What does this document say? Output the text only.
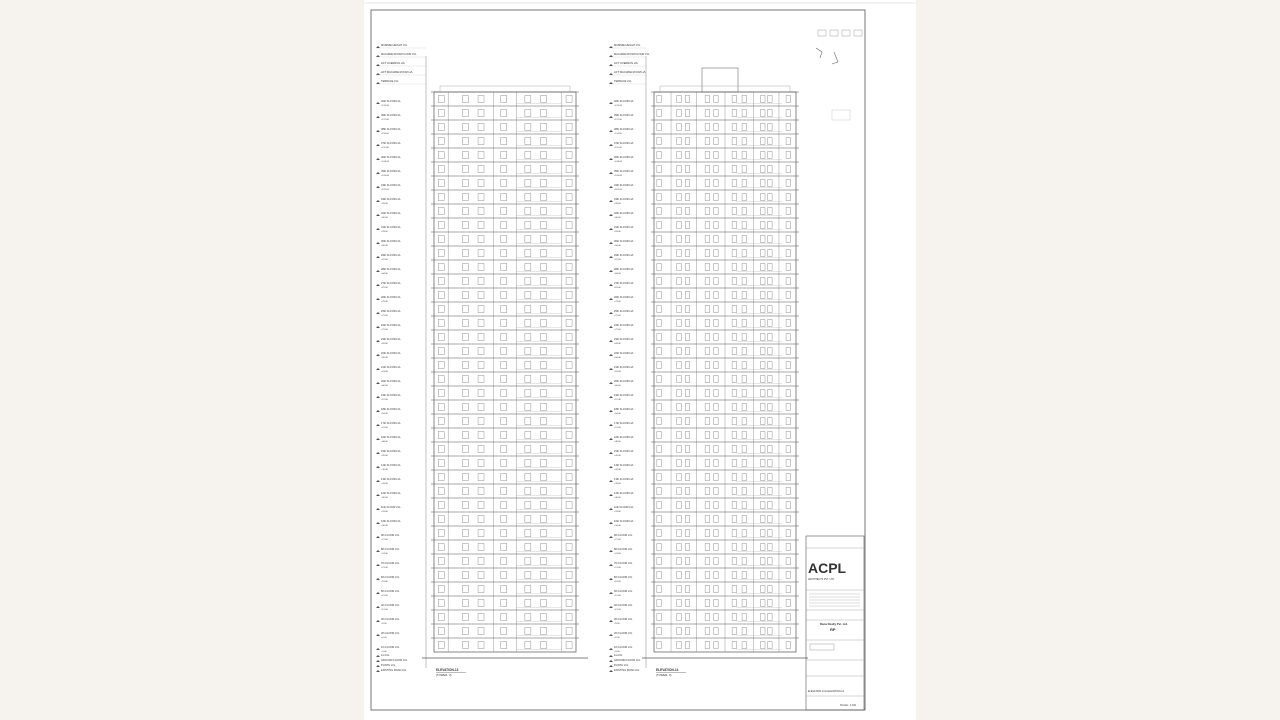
MUMMIE HEIGHT LVL
MACHINE ROOM FLOOR LVL
LIFT OVERRUN LVL
LIFT MACHINE ROOM LVL
TERRACE LVL
40th FLOOR LVL
+120.00
39th FLOOR LVL
+117.00
38th FLOOR LVL
+114.00
37th FLOOR LVL
+111.00
36th FLOOR LVL
+108.00
35th FLOOR LVL
+105.00
34th FLOOR LVL
+102.00
33th FLOOR LVL
+99.00
32th FLOOR LVL
+96.00
31th FLOOR LVL
+93.00
30th FLOOR LVL
+90.00
29th FLOOR LVL
+87.00
28th FLOOR LVL
+84.00
27th FLOOR LVL
+81.00
26th FLOOR LVL
+78.00
25th FLOOR LVL
+75.00
24th FLOOR LVL
+72.00
23th FLOOR LVL
+69.00
22th FLOOR LVL
+66.00
21th FLOOR LVL
+63.00
20th FLOOR LVL
+60.00
19th FLOOR LVL
+57.00
18th FLOOR LVL
+54.00
17th FLOOR LVL
+51.00
16th FLOOR LVL
+48.00
15th FLOOR LVL
+45.00
14th FLOOR LVL
+42.00
13th FLOOR LVL
+39.00
12th FLOOR LVL
+36.00
11th FLOOR LVL
+33.00
10th FLOOR LVL
+30.00
9th FLOOR LVL
+27.00
8th FLOOR LVL
+24.00
7th FLOOR LVL
+21.00
6th FLOOR LVL
+18.00
5th FLOOR LVL
+15.00
4th FLOOR LVL
+12.00
3th FLOOR LVL
+9.00
2th FLOOR LVL
+6.00
1th FLOOR LVL
+3.00
1st LVL
GROUND FLOOR LVL
PLINTH LVL
EXISTING ROAD LVL	ELEVATION-13
(TOWER- 3)
MUMMIE HEIGHT LVL
MACHINE ROOM FLOOR LVL
LIFT OVERRUN LVL
LIFT MACHINE ROOM LVL
TERRACE LVL
40th FLOOR LVL
+120.00
39th FLOOR LVL
+117.00
38th FLOOR LVL
+114.00
37th FLOOR LVL
+111.00
36th FLOOR LVL
+108.00
35th FLOOR LVL
+105.00
34th FLOOR LVL
+102.00
33th FLOOR LVL
+99.00
32th FLOOR LVL
+96.00
31th FLOOR LVL
+93.00
30th FLOOR LVL
+90.00
29th FLOOR LVL
+87.00
28th FLOOR LVL
+84.00
27th FLOOR LVL
+81.00
26th FLOOR LVL
+78.00
25th FLOOR LVL
+75.00
24th FLOOR LVL
+72.00
23th FLOOR LVL
+69.00
22th FLOOR LVL
+66.00
21th FLOOR LVL
+63.00
20th FLOOR LVL
+60.00
19th FLOOR LVL
+57.00
18th FLOOR LVL
+54.00
17th FLOOR LVL
+51.00
16th FLOOR LVL
+48.00
15th FLOOR LVL
+45.00
14th FLOOR LVL
+42.00
13th FLOOR LVL
+39.00
12th FLOOR LVL
+36.00
11th FLOOR LVL
+33.00
10th FLOOR LVL
+30.00
9th FLOOR LVL
+27.00
8th FLOOR LVL
+24.00
7th FLOOR LVL
+21.00
6th FLOOR LVL
+18.00
5th FLOOR LVL
+15.00
4th FLOOR LVL
+12.00
3th FLOOR LVL
+9.00
2th FLOOR LVL
+6.00
1th FLOOR LVL
+3.00
1st LVL
GROUND FLOOR LVL
PLINTH LVL
EXISTING ROAD LVL	ELEVATION-14
(TOWER- 3)
ACPL
ARCHITECTS PVT. LTD.
Rana Realty Pvt. Ltd.
RP
ELEVATION-13 & ELEVATION-14
SCALE - 1:100
